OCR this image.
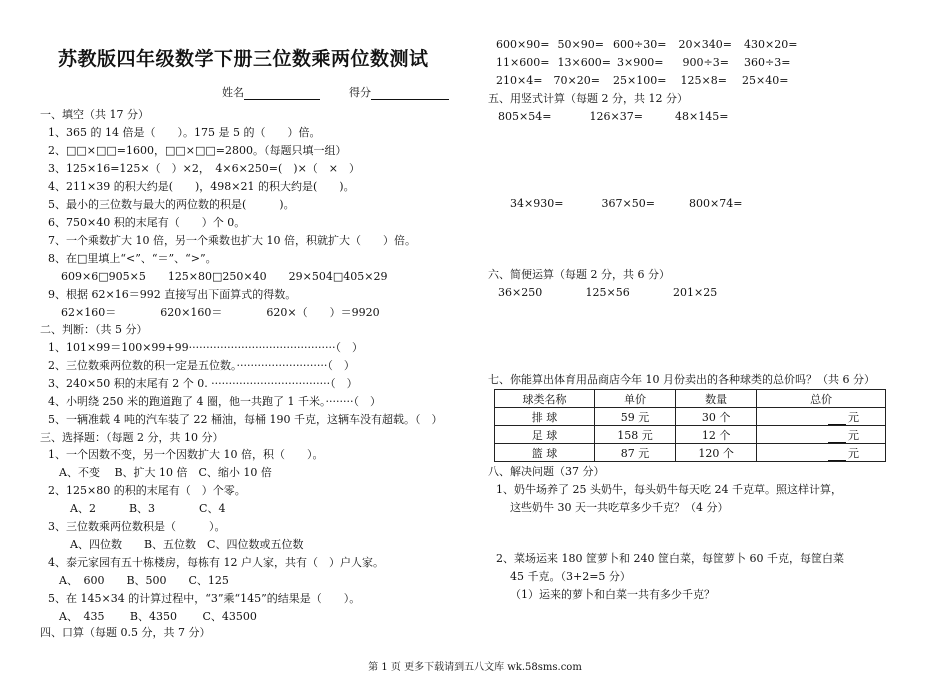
苏教版四年级数学下册三位数乘两位数测试
姓名	得分
一、填空（共 17 分）
1、365 的 14 倍是（　　）。175 是 5 的（　　）倍。
2、□□×□□=1600，□□×□□=2800。（每题只填一组）
3、125×16=125×（　）×2，　4×6×250=(　)×（　×　）
4、211×39 的积大约是(　　)，498×21 的积大约是(　　)。
5、最小的三位数与最大的两位数的积是(　　　)。
6、750×40 积的末尾有（　　）个 0。
7、一个乘数扩大 10 倍，另一个乘数也扩大 10 倍，积就扩大（　　）倍。
8、在□里填上“<”、“＝”、“>”。
　609×6□905×5　　125×80□250×40　　29×504□405×29
9、根据 62×16＝992 直接写出下面算式的得数。
　62×160＝　　　　620×160＝　　　　620×（　　）＝9920
二、判断：（共 5 分）
1、101×99＝100×99+99··········································（　）
2、三位数乘两位数的积一定是五位数。··························（　）
3、240×50 积的末尾有 2 个 0. ··································（　）
4、小明绕 250 米的跑道跑了 4 圈，他一共跑了 1 千米。········（　）
5、一辆准载 4 吨的汽车装了 22 桶油，每桶 190 千克，这辆车没有超载。（　）
三、选择题：（每题 2 分，共 10 分）
1、一个因数不变，另一个因数扩大 10 倍，积（　　）。
　A、不变　 B、扩大 10 倍　C、缩小 10 倍
2、125×80 的积的末尾有（　）个零。
　　A、2　　　B、3　　　　C、4
3、三位数乘两位数积是（　　　）。
　　A、四位数　　B、五位数　C、四位数或五位数
4、泰元家园有五十栋楼房，每栋有 12 户人家，共有（　）户人家。
　A、　600　　B、500　　C、125
5、在 145×34 的计算过程中，“3”乘“145”的结果是（　　）。
　A、　435　　 B、4350　　 C、43500
四、口算（每题 0.5 分，共 7 分）
600×90= 50×90= 600÷30= 20×340= 430×20=
11×600= 13×600= 3×900= 900÷3= 360÷3=
210×4= 70×20= 25×100= 125×8= 25×40=
五、用竖式计算（每题 2 分，共 12 分）
805×54=	126×37=	48×145=
34×930=	367×50=	800×74=
六、简便运算（每题 2 分，共 6 分）
36×250	125×56	201×25
七、你能算出体育用品商店今年 10 月份卖出的各种球类的总价吗？（共 6 分）
球类名称	单价	数量	总价
排 球	59 元	30 个	元
足 球	158 元	12 个	元
篮 球	87 元	120 个	元
八、解决问题（37 分）
1、奶牛场养了 25 头奶牛，每头奶牛每天吃 24 千克草。照这样计算，
这些奶牛 30 天一共吃草多少千克？（4 分）
2、菜场运来 180 筐萝卜和 240 筐白菜，每筐萝卜 60 千克，每筐白菜
45 千克。（3+2=5 分）
（1）运来的萝卜和白菜一共有多少千克？
第 1 页 更多下载请到五八文库 wk.58sms.com
